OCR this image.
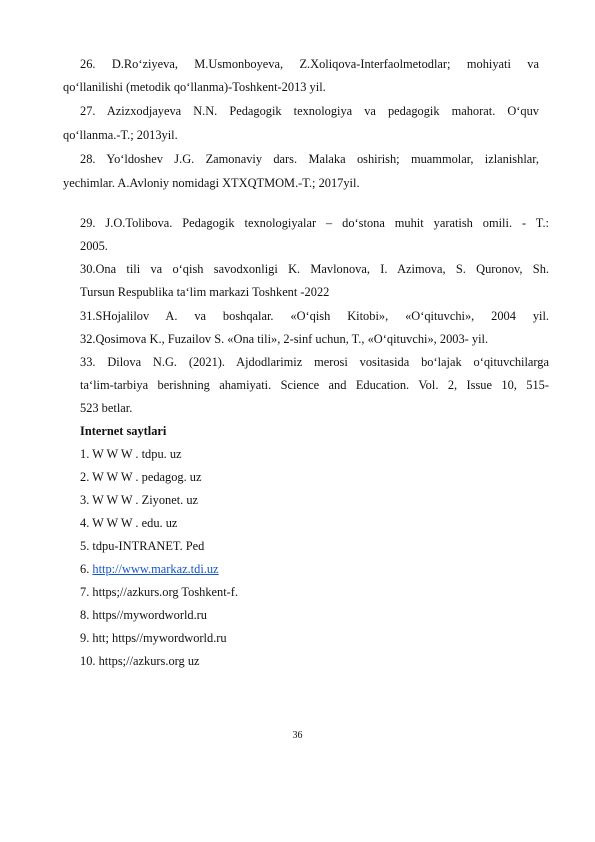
26. D.Ro‘ziyeva, M.Usmonboyeva, Z.Xoliqova-Interfaolmetodlar; mohiyati va
qo‘llanilishi (metodik qo‘llanma)-Toshkent-2013 yil.
27. Azizxodjayeva N.N. Pedagogik texnologiya va pedagogik mahorat. O‘quv
qo‘llanma.-T.; 2013yil.
28. Yo‘ldoshev J.G. Zamonaviy dars. Malaka oshirish; muammolar, izlanishlar,
yechimlar. A.Avloniy nomidagi XTXQTMOM.-T.; 2017yil.
29. J.O.Tolibova. Pedagogik texnologiyalar – do‘stona muhit yaratish omili. - T.:
2005.
30.Ona tili va o‘qish savodxonligi K. Mavlonova, I. Azimova, S. Quronov, Sh.
Tursun Respublika ta‘lim markazi Toshkent -2022
31.SHojalilov A. va boshqalar. «O‘qish Kitobi», «O‘qituvchi», 2004 yil.
32.Qosimova K., Fuzailov S. «Ona tili», 2-sinf uchun, T., «O‘qituvchi», 2003- yil.
33. Dilova N.G. (2021). Ajdodlarimiz merosi vositasida bo‘lajak o‘qituvchilarga
ta‘lim-tarbiya berishning ahamiyati. Science and Education. Vol. 2, Issue 10, 515-
523 betlar.
Internet saytlari
1. W W W . tdpu. uz
2. W W W . pedagog. uz
3. W W W . Ziyonet. uz
4. W W W . edu. uz
5. tdpu-INTRANET. Ped
6. http://www.markaz.tdi.uz
7. https;//azkurs.org Toshkent-f.
8. https//mywordworld.ru
9. htt; https//mywordworld.ru
10. https;//azkurs.org uz
36
